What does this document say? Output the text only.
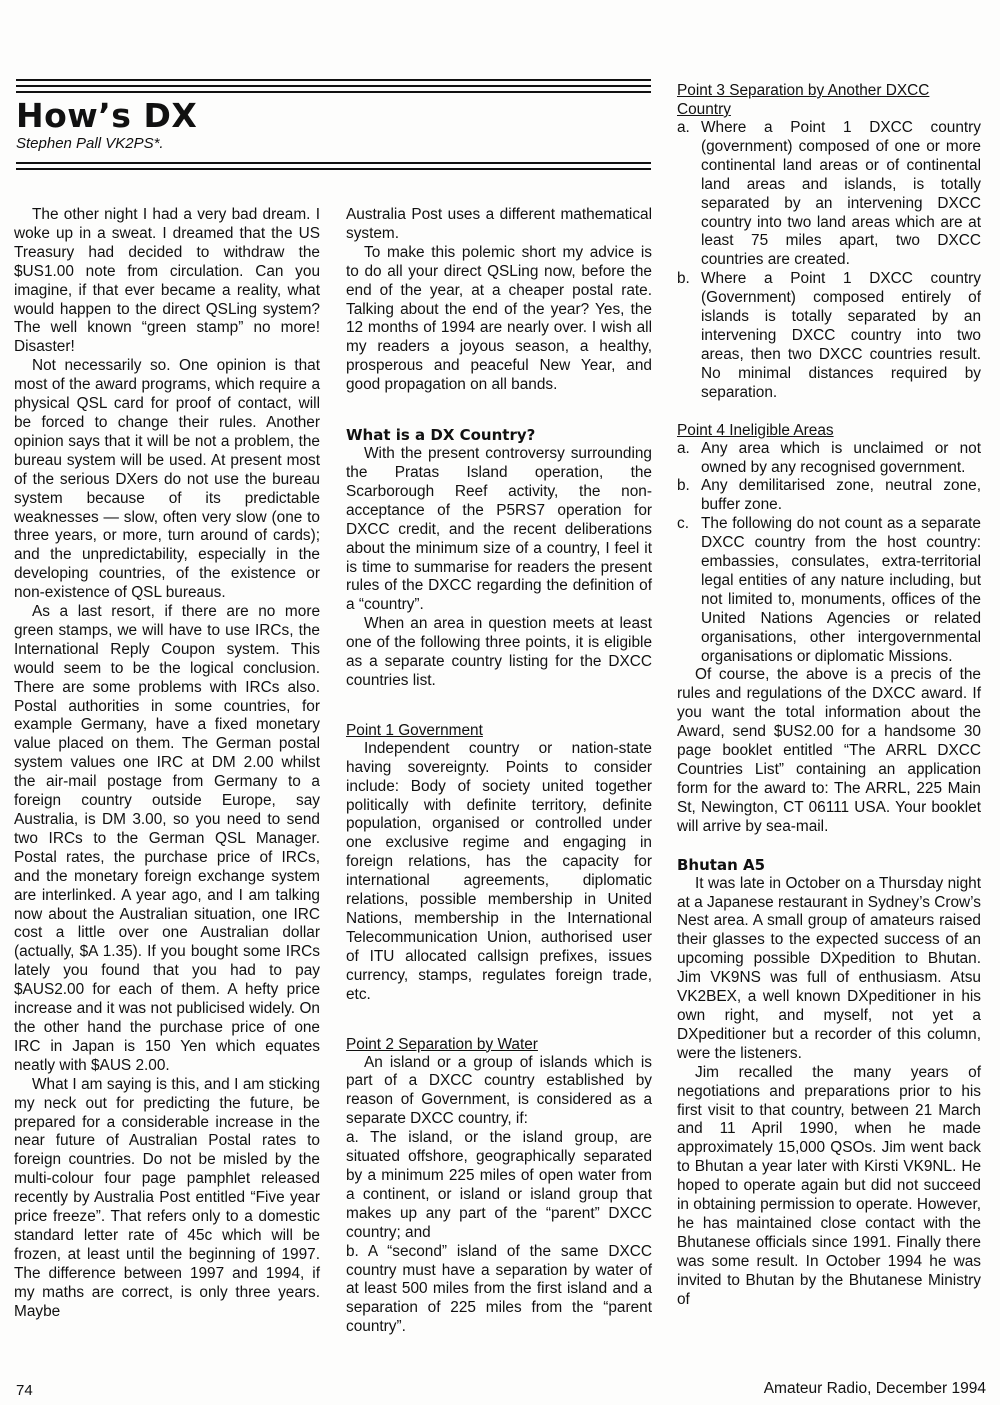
How’s DX

Stephen Pall VK2PS*.

The other night I had a very bad dream. I woke up in a sweat. I dreamed that the US Treasury had decided to withdraw the $US1.00 note from circulation. Can you imagine, if that ever became a reality, what would happen to the direct QSLing system? The well known “green stamp” no more! Disaster!

Not necessarily so. One opinion is that most of the award programs, which require a physical QSL card for proof of contact, will be forced to change their rules. Another opinion says that it will be not a problem, the bureau system will be used. At present most of the serious DXers do not use the bureau system because of its predictable weaknesses — slow, often very slow (one to three years, or more, turn around of cards); and the unpredictability, especially in the developing countries, of the existence or non-existence of QSL bureaus.

As a last resort, if there are no more green stamps, we will have to use IRCs, the International Reply Coupon system. This would seem to be the logical conclusion. There are some problems with IRCs also. Postal authorities in some countries, for example Germany, have a fixed monetary value placed on them. The German postal system values one IRC at DM 2.00 whilst the air-mail postage from Germany to a foreign country outside Europe, say Australia, is DM 3.00, so you need to send two IRCs to the German QSL Manager. Postal rates, the purchase price of IRCs, and the monetary foreign exchange system are interlinked. A year ago, and I am talking now about the Australian situation, one IRC cost a little over one Australian dollar (actually, $A 1.35). If you bought some IRCs lately you found that you had to pay $AUS2.00 for each of them. A hefty price increase and it was not publicised widely. On the other hand the purchase price of one IRC in Japan is 150 Yen which equates neatly with $AUS 2.00.

What I am saying is this, and I am sticking my neck out for predicting the future, be prepared for a considerable increase in the near future of Australian Postal rates to foreign countries. Do not be misled by the multi-colour four page pamphlet released recently by Australia Post entitled “Five year price freeze”. That refers only to a domestic standard letter rate of 45c which will be frozen, at least until the beginning of 1997. The difference between 1997 and 1994, if my maths are correct, is only three years. Maybe

Australia Post uses a different mathematical system.

To make this polemic short my advice is to do all your direct QSLing now, before the end of the year, at a cheaper postal rate. Talking about the end of the year? Yes, the 12 months of 1994 are nearly over. I wish all my readers a joyous season, a healthy, prosperous and peaceful New Year, and good propagation on all bands.

What is a DX Country?

With the present controversy surrounding the Pratas Island operation, the Scarborough Reef activity, the non-acceptance of the P5RS7 operation for DXCC credit, and the recent deliberations about the minimum size of a country, I feel it is time to summarise for readers the present rules of the DXCC regarding the definition of a “country”.

When an area in question meets at least one of the following three points, it is eligible as a separate country listing for the DXCC countries list.

Point 1 Government

Independent country or nation-state having sovereignty. Points to consider include: Body of society united together politically with definite territory, definite population, organised or controlled under one exclusive regime and engaging in foreign relations, has the capacity for international agreements, diplomatic relations, possible membership in United Nations, membership in the International Telecommunication Union, authorised user of ITU allocated callsign prefixes, issues currency, stamps, regulates foreign trade, etc.

Point 2 Separation by Water

An island or a group of islands which is part of a DXCC country established by reason of Government, is considered as a separate DXCC country, if:

a. The island, or the island group, are situated offshore, geographically separated by a minimum 225 miles of open water from a continent, or island or island group that makes up any part of the “parent” DXCC country; and

b. A “second” island of the same DXCC country must have a separation by water of at least 500 miles from the first island and a separation of 225 miles from the “parent country”.

Point 3 Separation by Another DXCC Country
a. Where a Point 1 DXCC country (government) composed of one or more continental land areas or of continental land areas and islands, is totally separated by an intervening DXCC country into two land areas which are at least 75 miles apart, two DXCC countries are created.
b. Where a Point 1 DXCC country (Government) composed entirely of islands is totally separated by an intervening DXCC country into two areas, then two DXCC countries result. No minimal distances required by separation.
Point 4 Ineligible Areas
a. Any area which is unclaimed or not owned by any recognised government.
b. Any demilitarised zone, neutral zone, buffer zone.
c. The following do not count as a separate DXCC country from the host country: embassies, consulates, extra-territorial legal entities of any nature including, but not limited to, monuments, offices of the United Nations Agencies or related organisations, other intergovernmental organisations or diplomatic Missions.

Of course, the above is a precis of the rules and regulations of the DXCC award. If you want the total information about the Award, send $US2.00 for a handsome 30 page booklet entitled “The ARRL DXCC Countries List” containing an application form for the award to: The ARRL, 225 Main St, Newington, CT 06111 USA. Your booklet will arrive by sea-mail.

Bhutan A5

It was late in October on a Thursday night at a Japanese restaurant in Sydney’s Crow’s Nest area. A small group of amateurs raised their glasses to the expected success of an upcoming possible DXpedition to Bhutan. Jim VK9NS was full of enthusiasm. Atsu VK2BEX, a well known DXpeditioner in his own right, and myself, not yet a DXpeditioner but a recorder of this column, were the listeners.

Jim recalled the many years of negotiations and preparations prior to his first visit to that country, between 21 March and 11 April 1990, when he made approximately 15,000 QSOs. Jim went back to Bhutan a year later with Kirsti VK9NL. He hoped to operate again but did not succeed in obtaining permission to operate. However, he has maintained close contact with the Bhutanese officials since 1991. Finally there was some result. In October 1994 he was invited to Bhutan by the Bhutanese Ministry of

74	Amateur Radio, December 1994
